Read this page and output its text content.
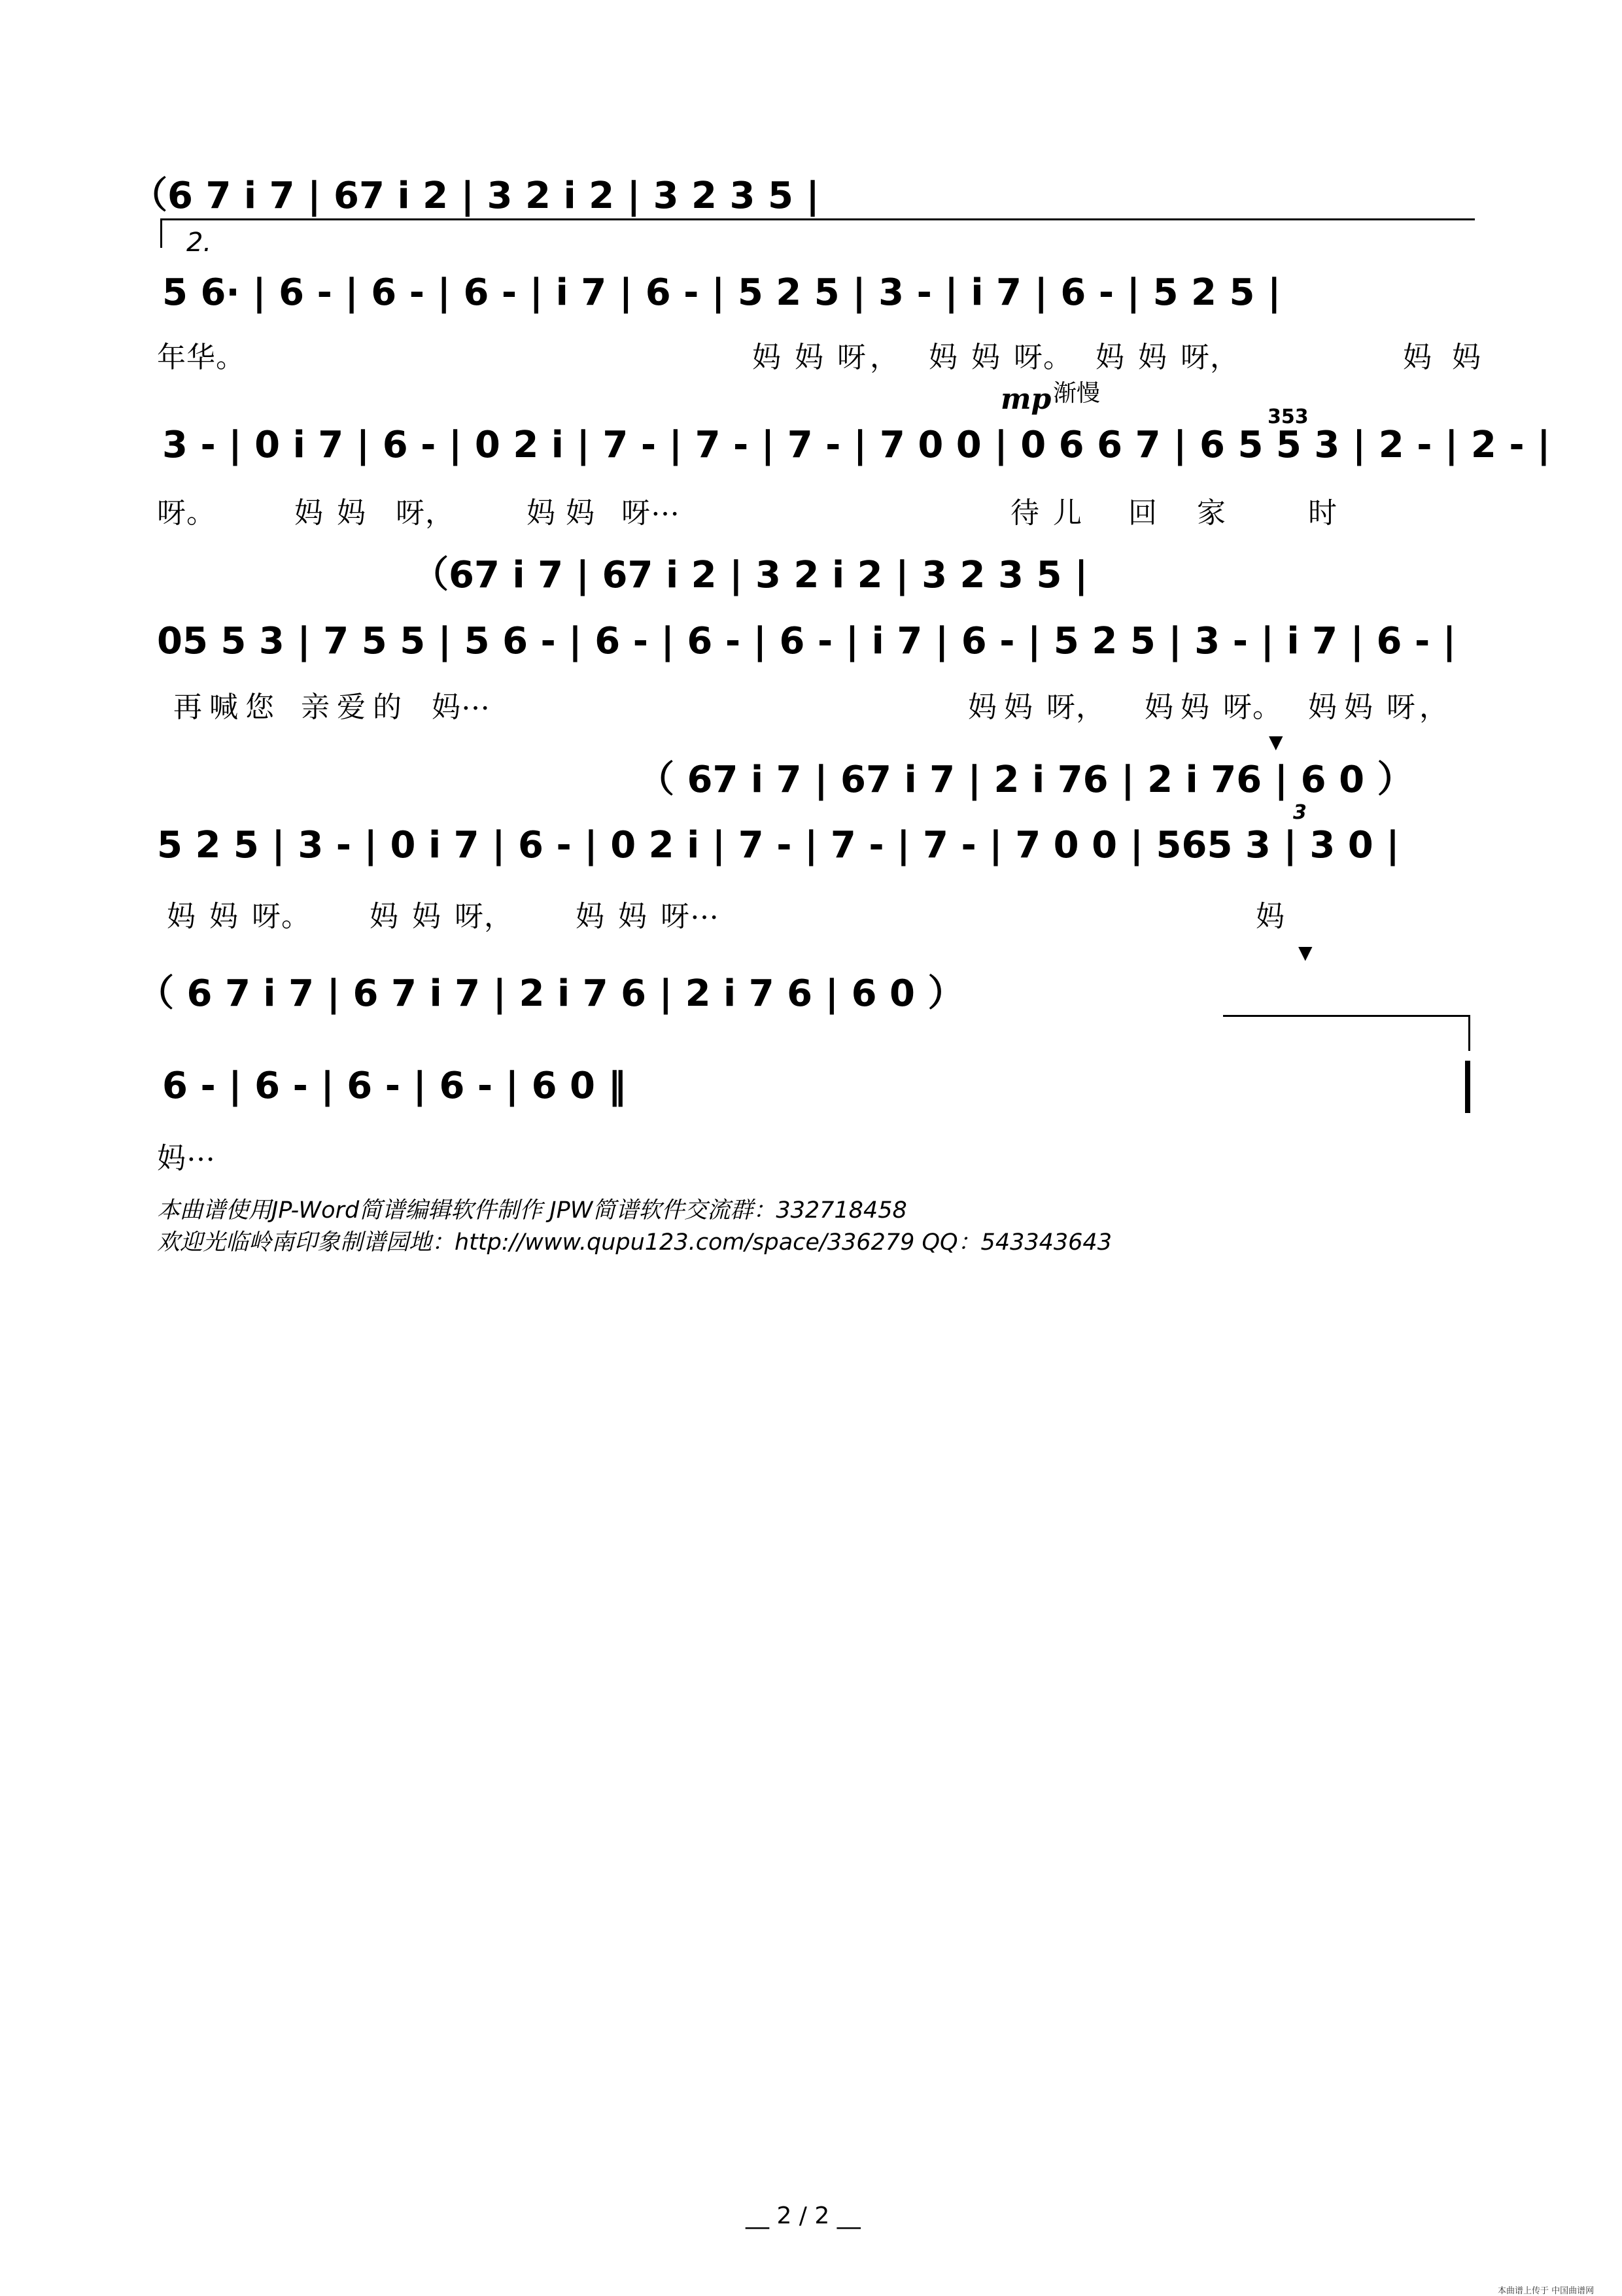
（6 7 i 7 | 67 i 2 | 3 2 i 2 | 3 2 3 5 |
2.
5 6· | 6 - | 6 - | 6 - | i 7 | 6 - | 5 2 5 | 3 - | i 7 | 6 - | 5 2 5 |
年 华 。	妈 妈 呀 ， 妈 妈 呀 。 妈 妈 呀 ，	妈 妈
mp 渐慢
353
3 - | 0 i 7 | 6 - | 0 2 i | 7 - | 7 - | 7 - | 7 0 0 | 0 6 6 7 | 6 5 5 3 | 2 - | 2 - |
呀 。	妈 妈 呀 ，	妈 妈 呀 …	待 儿 回 家	时
（67 i 7 | 67 i 2 | 3 2 i 2 | 3 2 3 5 |
05 5 3 | 7 5 5 | 5 6 - | 6 - | 6 - | 6 - | i 7 | 6 - | 5 2 5 | 3 - | i 7 | 6 - |
再 喊 您 亲 爱 的 妈 …	妈 妈 呀 ， 妈 妈 呀 。 妈 妈 呀 ，
（ 67 i 7 | 67 i 7 | 2 i 76 | 2 i 76 | 6 0 ）
▼
3
5 2 5 | 3 - | 0 i 7 | 6 - | 0 2 i | 7 - | 7 - | 7 - | 7 0 0 | 565 3 | 3 0 |
妈 妈 呀 。 妈 妈 呀 ， 妈 妈 呀 …	妈
（ 6 7 i 7 | 6 7 i 7 | 2 i 7 6 | 2 i 7 6 | 6 0 ）
▼
6 - | 6 - | 6 - | 6 - | 6 0 ‖
妈 …
本曲谱使用JP-Word简谱编辑软件制作 JPW简谱软件交流群：332718458
欢迎光临岭南印象制谱园地：http://www.qupu123.com/space/336279 QQ：543343643
__ 2 / 2 __
本曲谱上传于 中国曲谱网
